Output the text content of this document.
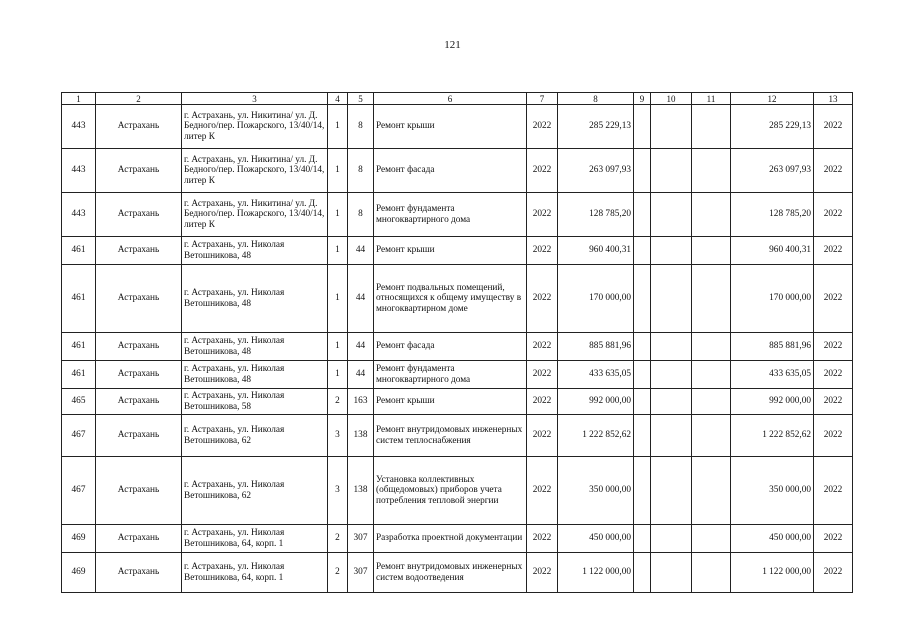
121
1	2	3	4	5	6	7	8	9	10	11	12	13
443	Астрахань	г. Астрахань, ул. Никитина/ ул. Д. Бедного/пер. Пожарского, 13/40/14, литер К	1	8	Ремонт крыши	2022	285 229,13				285 229,13	2022
443	Астрахань	г. Астрахань, ул. Никитина/ ул. Д. Бедного/пер. Пожарского, 13/40/14, литер К	1	8	Ремонт фасада	2022	263 097,93				263 097,93	2022
443	Астрахань	г. Астрахань, ул. Никитина/ ул. Д. Бедного/пер. Пожарского, 13/40/14, литер К	1	8	Ремонт фундамента многоквартирного дома	2022	128 785,20				128 785,20	2022
461	Астрахань	г. Астрахань, ул. Николая Ветошникова, 48	1	44	Ремонт крыши	2022	960 400,31				960 400,31	2022
461	Астрахань	г. Астрахань, ул. Николая Ветошникова, 48	1	44	Ремонт подвальных помещений, относящихся к общему имуществу в многоквартирном доме	2022	170 000,00				170 000,00	2022
461	Астрахань	г. Астрахань, ул. Николая Ветошникова, 48	1	44	Ремонт фасада	2022	885 881,96				885 881,96	2022
461	Астрахань	г. Астрахань, ул. Николая Ветошникова, 48	1	44	Ремонт фундамента многоквартирного дома	2022	433 635,05				433 635,05	2022
465	Астрахань	г. Астрахань, ул. Николая Ветошникова, 58	2	163	Ремонт крыши	2022	992 000,00				992 000,00	2022
467	Астрахань	г. Астрахань, ул. Николая Ветошникова, 62	3	138	Ремонт внутридомовых инженерных систем теплоснабжения	2022	1 222 852,62				1 222 852,62	2022
467	Астрахань	г. Астрахань, ул. Николая Ветошникова, 62	3	138	Установка коллективных (общедомовых) приборов учета потребления тепловой энергии	2022	350 000,00				350 000,00	2022
469	Астрахань	г. Астрахань, ул. Николая Ветошникова, 64, корп. 1	2	307	Разработка проектной документации	2022	450 000,00				450 000,00	2022
469	Астрахань	г. Астрахань, ул. Николая Ветошникова, 64, корп. 1	2	307	Ремонт внутридомовых инженерных систем водоотведения	2022	1 122 000,00				1 122 000,00	2022
